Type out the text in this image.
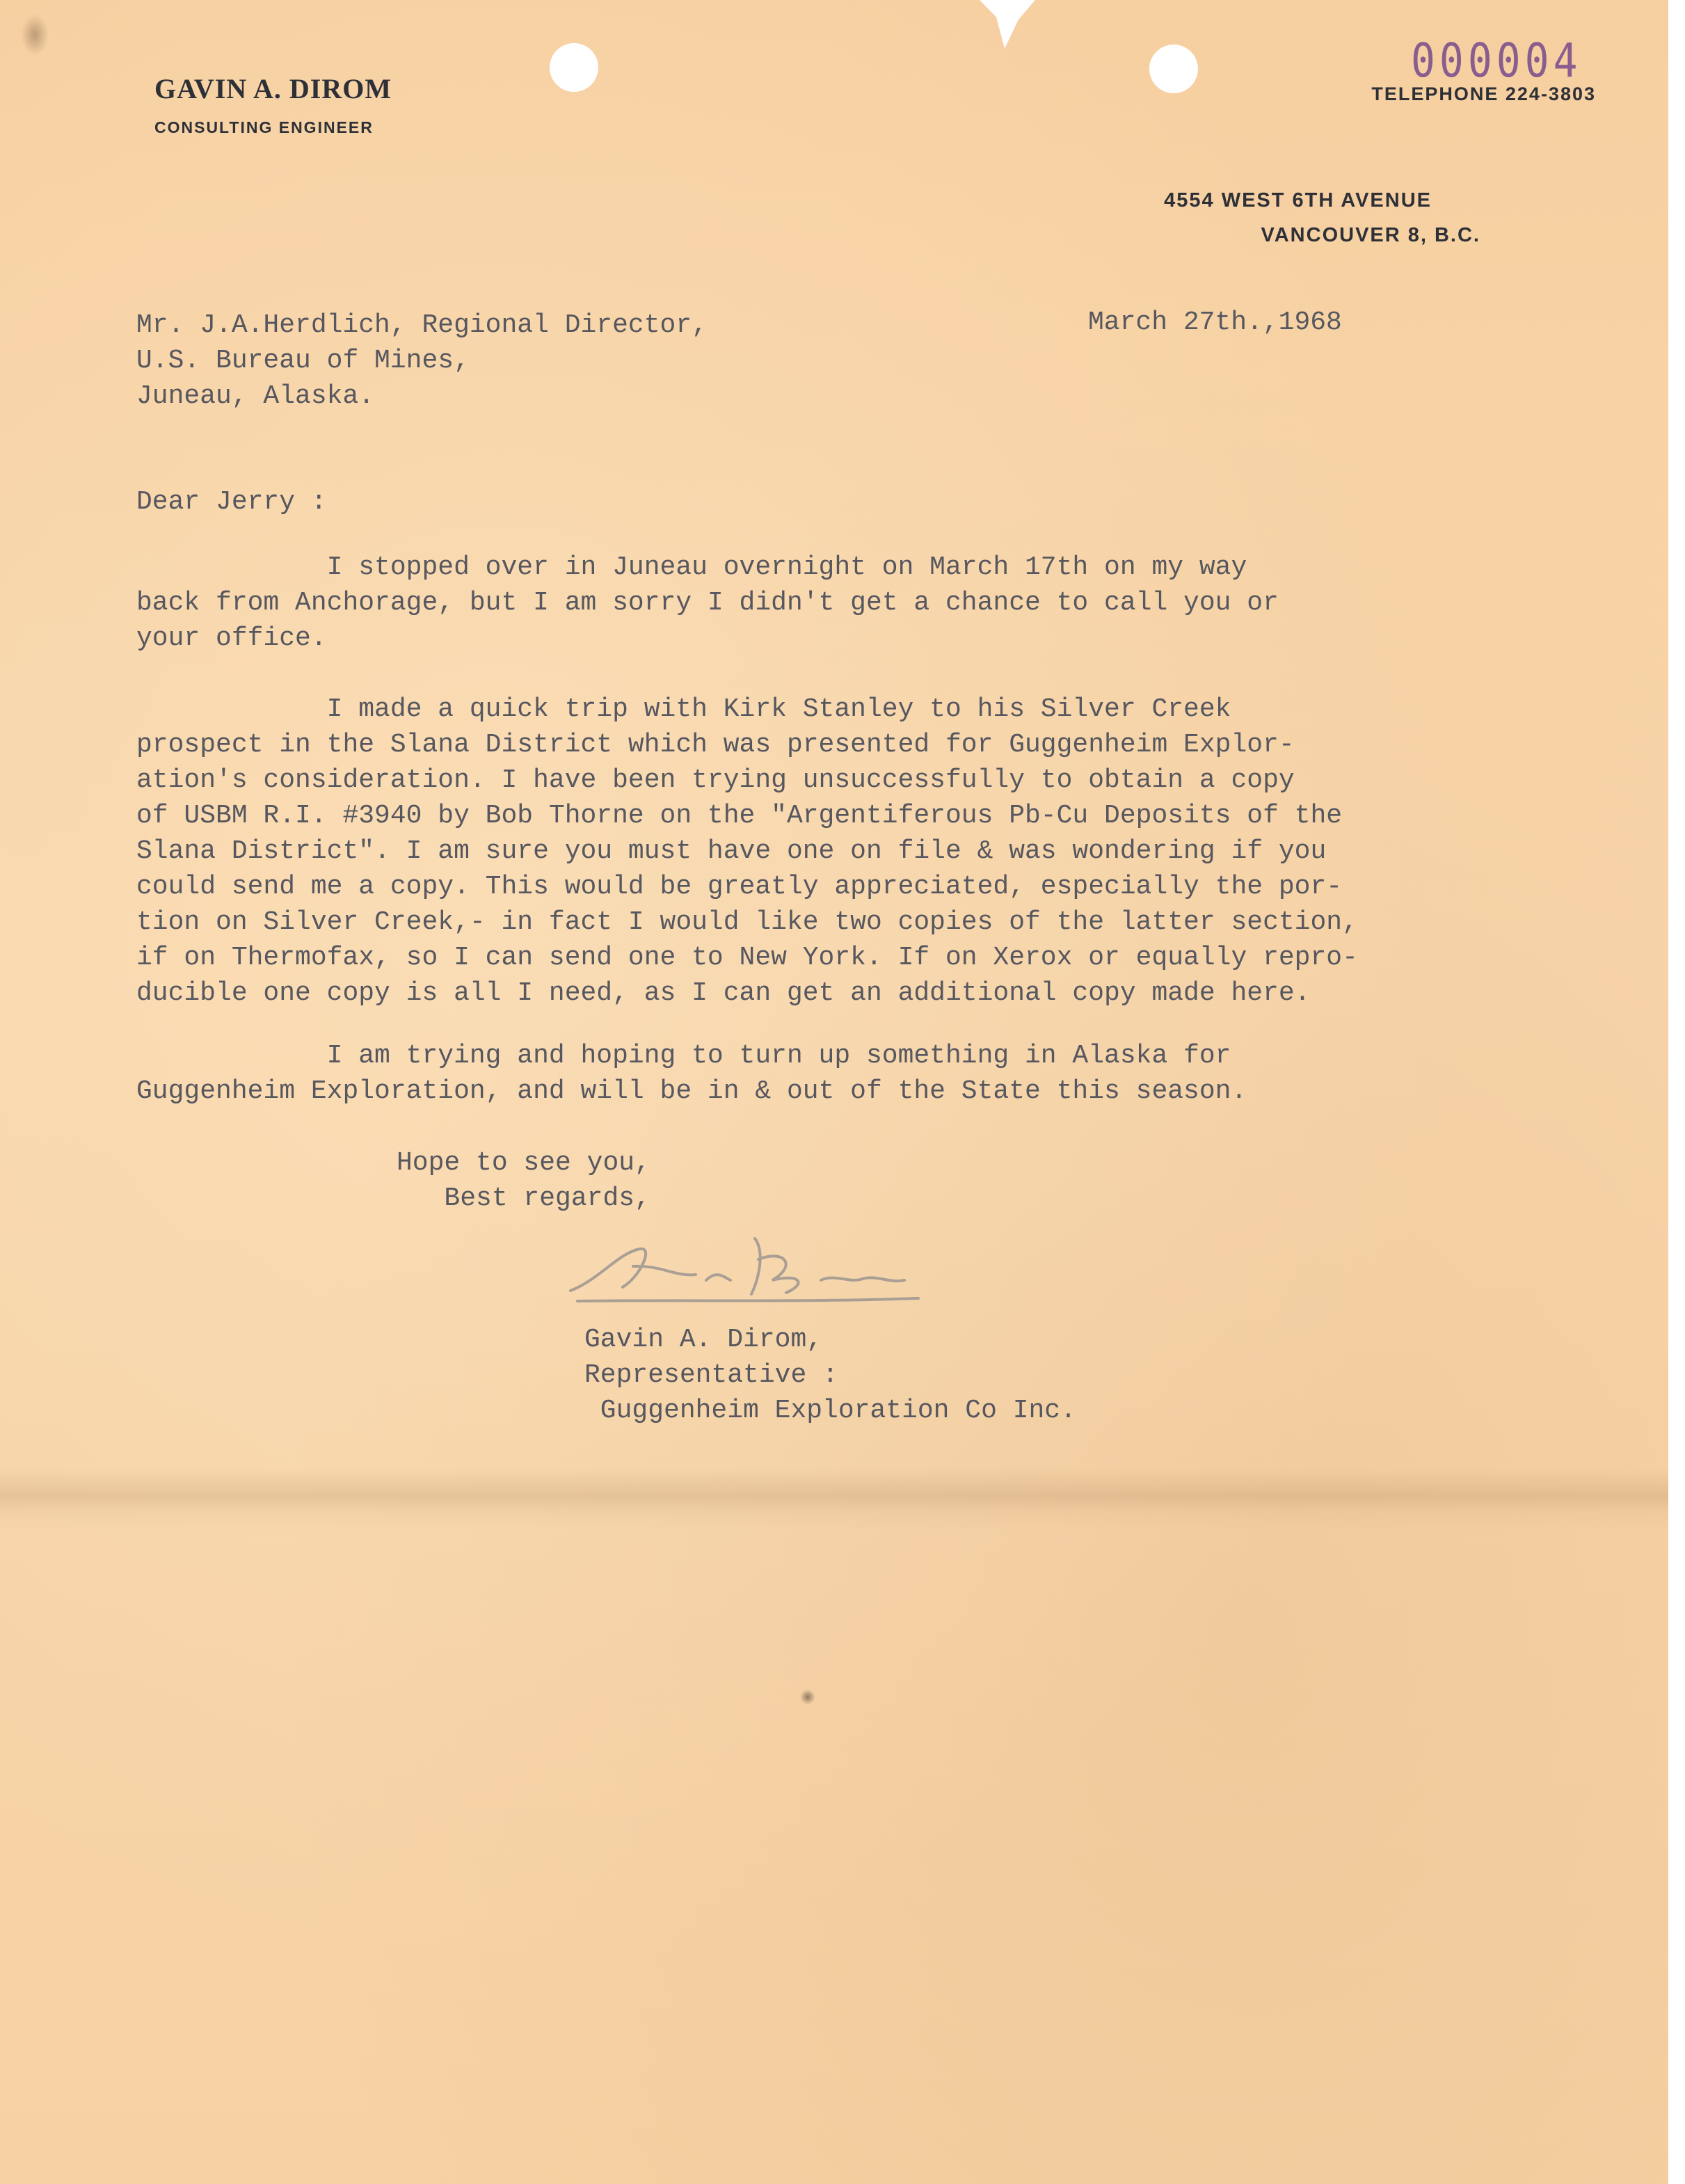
GAVIN A. DIROM

CONSULTING ENGINEER

000004

TELEPHONE 224-3803

4554 WEST 6TH AVENUE

VANCOUVER 8, B.C.

Mr. J.A.Herdlich, Regional Director,

U.S. Bureau of Mines,

Juneau, Alaska.

March 27th.,1968

Dear Jerry :

I stopped over in Juneau overnight on March 17th on my way

back from Anchorage, but I am sorry I didn't get a chance to call you or

your office.

I made a quick trip with Kirk Stanley to his Silver Creek

prospect in the Slana District which was presented for Guggenheim Explor-

ation's consideration. I have been trying unsuccessfully to obtain a copy

of USBM R.I. #3940 by Bob Thorne on the "Argentiferous Pb-Cu Deposits of the

Slana District". I am sure you must have one on file & was wondering if you

could send me a copy. This would be greatly appreciated, especially the por-

tion on Silver Creek,- in fact I would like two copies of the latter section,

if on Thermofax, so I can send one to New York. If on Xerox or equally repro-

ducible one copy is all I need, as I can get an additional copy made here.

I am trying and hoping to turn up something in Alaska for

Guggenheim Exploration, and will be in & out of the State this season.

Hope to see you,

Best regards,

Gavin A. Dirom,

Representative :

Guggenheim Exploration Co Inc.
